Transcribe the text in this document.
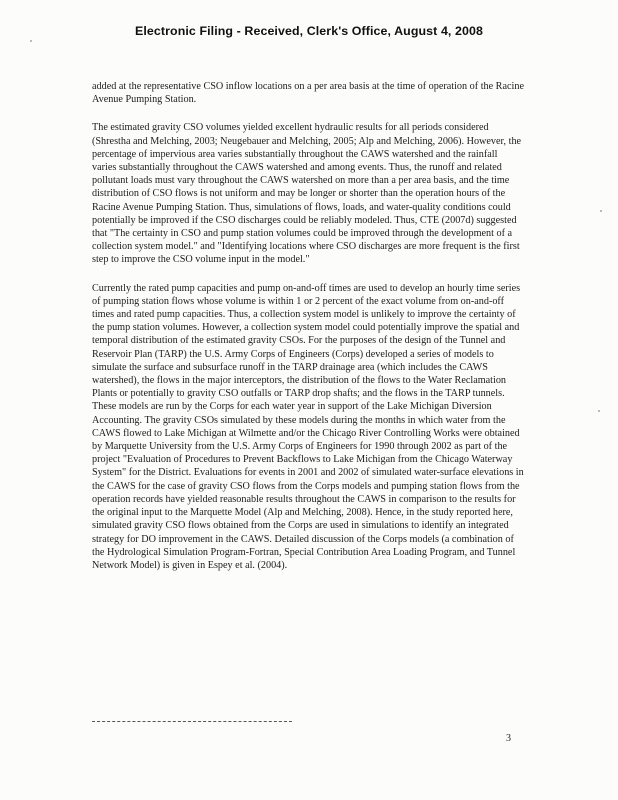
Electronic Filing - Received, Clerk's Office, August 4, 2008

added at the representative CSO inflow locations on a per area basis at the time of operation of the Racine Avenue Pumping Station.

The estimated gravity CSO volumes yielded excellent hydraulic results for all periods considered (Shrestha and Melching, 2003; Neugebauer and Melching, 2005; Alp and Melching, 2006). However, the percentage of impervious area varies substantially throughout the CAWS watershed and the rainfall varies substantially throughout the CAWS watershed and among events. Thus, the runoff and related pollutant loads must vary throughout the CAWS watershed on more than a per area basis, and the time distribution of CSO flows is not uniform and may be longer or shorter than the operation hours of the Racine Avenue Pumping Station. Thus, simulations of flows, loads, and water-quality conditions could potentially be improved if the CSO discharges could be reliably modeled. Thus, CTE (2007d) suggested that "The certainty in CSO and pump station volumes could be improved through the development of a collection system model." and "Identifying locations where CSO discharges are more frequent is the first step to improve the CSO volume input in the model."

Currently the rated pump capacities and pump on-and-off times are used to develop an hourly time series of pumping station flows whose volume is within 1 or 2 percent of the exact volume from on-and-off times and rated pump capacities. Thus, a collection system model is unlikely to improve the certainty of the pump station volumes. However, a collection system model could potentially improve the spatial and temporal distribution of the estimated gravity CSOs. For the purposes of the design of the Tunnel and Reservoir Plan (TARP) the U.S. Army Corps of Engineers (Corps) developed a series of models to simulate the surface and subsurface runoff in the TARP drainage area (which includes the CAWS watershed), the flows in the major interceptors, the distribution of the flows to the Water Reclamation Plants or potentially to gravity CSO outfalls or TARP drop shafts; and the flows in the TARP tunnels. These models are run by the Corps for each water year in support of the Lake Michigan Diversion Accounting. The gravity CSOs simulated by these models during the months in which water from the CAWS flowed to Lake Michigan at Wilmette and/or the Chicago River Controlling Works were obtained by Marquette University from the U.S. Army Corps of Engineers for 1990 through 2002 as part of the project "Evaluation of Procedures to Prevent Backflows to Lake Michigan from the Chicago Waterway System" for the District. Evaluations for events in 2001 and 2002 of simulated water-surface elevations in the CAWS for the case of gravity CSO flows from the Corps models and pumping station flows from the operation records have yielded reasonable results throughout the CAWS in comparison to the results for the original input to the Marquette Model (Alp and Melching, 2008). Hence, in the study reported here, simulated gravity CSO flows obtained from the Corps are used in simulations to identify an integrated strategy for DO improvement in the CAWS. Detailed discussion of the Corps models (a combination of the Hydrological Simulation Program-Fortran, Special Contribution Area Loading Program, and Tunnel Network Model) is given in Espey et al. (2004).

3
